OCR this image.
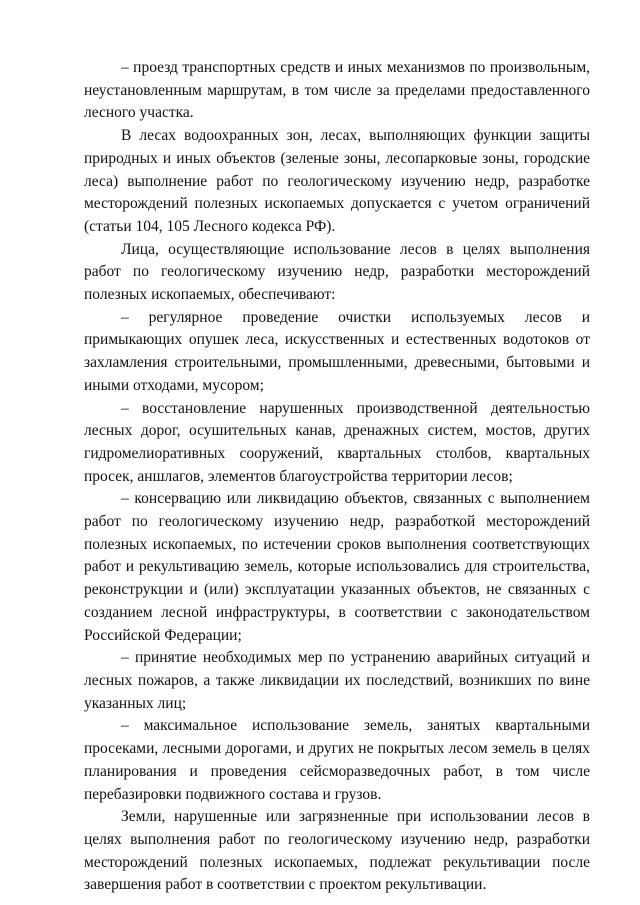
– проезд транспортных средств и иных механизмов по произвольным, неустановленным маршрутам, в том числе за пределами предоставленного лесного участка.

В лесах водоохранных зон, лесах, выполняющих функции защиты природных и иных объектов (зеленые зоны, лесопарковые зоны, городские леса) выполнение работ по геологическому изучению недр, разработке месторождений полезных ископаемых допускается с учетом ограничений (статьи 104, 105 Лесного кодекса РФ).

Лица, осуществляющие использование лесов в целях выполнения работ по геологическому изучению недр, разработки месторождений полезных ископаемых, обеспечивают:

– регулярное проведение очистки используемых лесов и примыкающих опушек леса, искусственных и естественных водотоков от захламления строительными, промышленными, древесными, бытовыми и иными отходами, мусором;

– восстановление нарушенных производственной деятельностью лесных дорог, осушительных канав, дренажных систем, мостов, других гидромелиоративных сооружений, квартальных столбов, квартальных просек, аншлагов, элементов благоустройства территории лесов;

– консервацию или ликвидацию объектов, связанных с выполнением работ по геологическому изучению недр, разработкой месторождений полезных ископаемых, по истечении сроков выполнения соответствующих работ и рекультивацию земель, которые использовались для строительства, реконструкции и (или) эксплуатации указанных объектов, не связанных с созданием лесной инфраструктуры, в соответствии с законодательством Российской Федерации;

– принятие необходимых мер по устранению аварийных ситуаций и лесных пожаров, а также ликвидации их последствий, возникших по вине указанных лиц;

– максимальное использование земель, занятых квартальными просеками, лесными дорогами, и других не покрытых лесом земель в целях планирования и проведения сейсморазведочных работ, в том числе перебазировки подвижного состава и грузов.

Земли, нарушенные или загрязненные при использовании лесов в целях выполнения работ по геологическому изучению недр, разработки месторождений полезных ископаемых, подлежат рекультивации после завершения работ в соответствии с проектом рекультивации.
